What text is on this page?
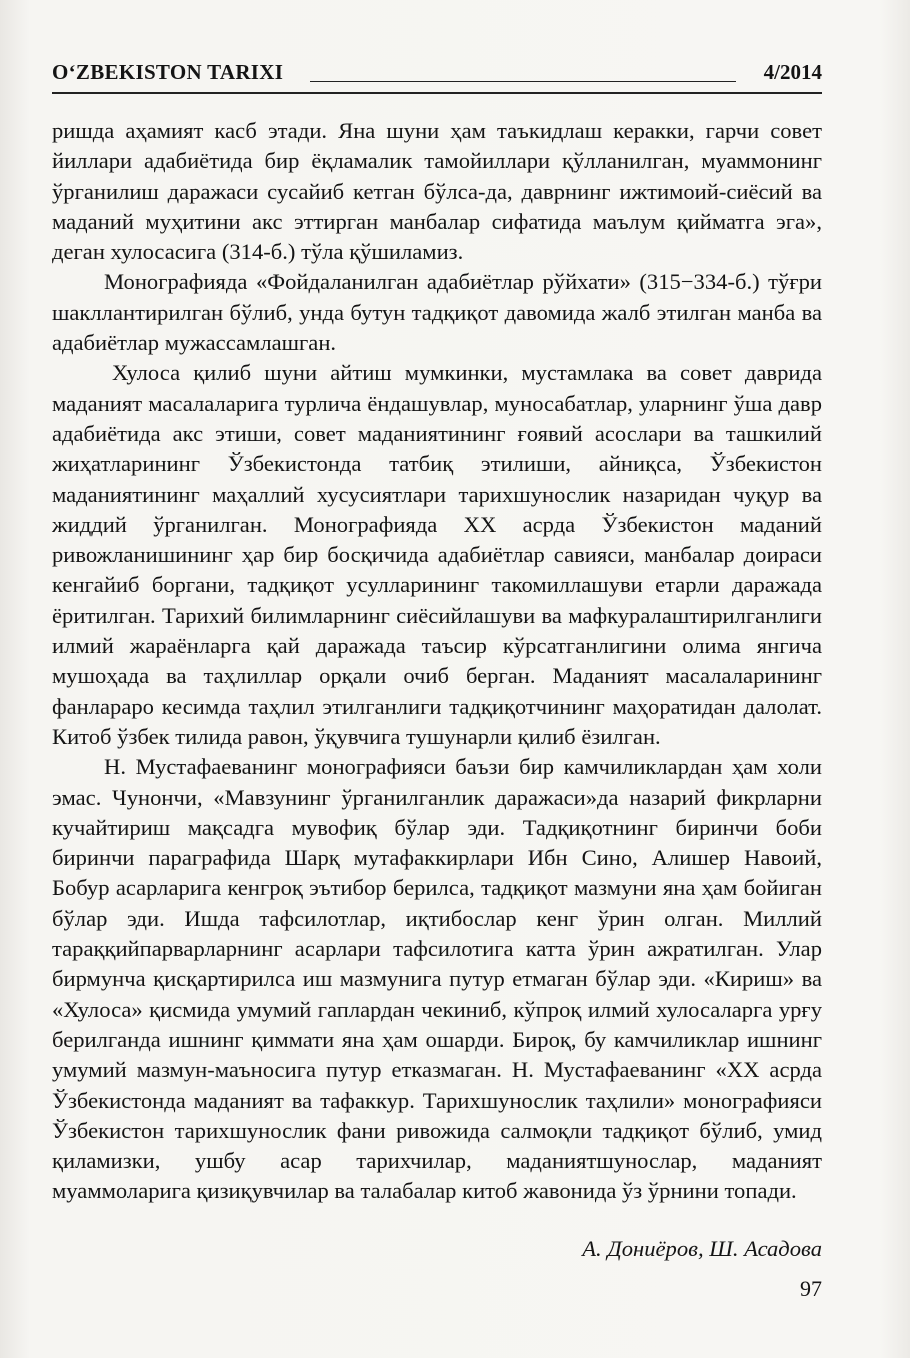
O‘ZBEKISTON TARIXI	4/2014

ришда аҳамият касб этади. Яна шуни ҳам таъкидлаш керакки, гарчи совет йиллари адабиётида бир ёқламалик тамойиллари қўлланилган, муаммонинг ўрганилиш даражаси сусайиб кетган бўлса-да, даврнинг ижтимоий-сиёсий ва маданий муҳитини акс эттирган манбалар сифатида маълум қийматга эга», деган хулосасига (314-б.) тўла қўшиламиз.

Монографияда «Фойдаланилган адабиётлар рўйхати» (315−334-б.) тўғри шакллантирилган бўлиб, унда бутун тадқиқот давомида жалб этилган манба ва адабиётлар мужассамлашган.

Хулоса қилиб шуни айтиш мумкинки, мустамлака ва совет даврида маданият масалаларига турлича ёндашувлар, муносабатлар, уларнинг ўша давр адабиётида акс этиши, совет маданиятининг ғоявий асослари ва ташкилий жиҳатларининг Ўзбекистонда татбиқ этилиши, айниқса, Ўзбекистон маданиятининг маҳаллий хусусиятлари тарихшунослик назаридан чуқур ва жиддий ўрганилган. Монографияда XX асрда Ўзбекистон маданий ривожланишининг ҳар бир босқичида адабиётлар савияси, манбалар доираси кенгайиб боргани, тадқиқот усулларининг такомиллашуви етарли даражада ёритилган. Тарихий билимларнинг сиёсийлашуви ва мафкуралаштирилганлиги илмий жараёнларга қай даражада таъсир кўрсатганлигини олима янгича мушоҳада ва таҳлиллар орқали очиб берган. Маданият масалаларининг фанлараро кесимда таҳлил этилганлиги тадқиқотчининг маҳоратидан далолат. Китоб ўзбек тилида равон, ўқувчига тушунарли қилиб ёзилган.

Н. Мустафаеванинг монографияси баъзи бир камчиликлардан ҳам холи эмас. Чунончи, «Мавзунинг ўрганилганлик даражаси»да назарий фикрларни кучайтириш мақсадга мувофиқ бўлар эди. Тадқиқотнинг биринчи боби биринчи параграфида Шарқ мутафаккирлари Ибн Сино, Алишер Навоий, Бобур асарларига кенгроқ эътибор берилса, тадқиқот мазмуни яна ҳам бойиган бўлар эди. Ишда тафсилотлар, иқтибослар кенг ўрин олган. Миллий тараққийпарварларнинг асарлари тафсилотига катта ўрин ажратилган. Улар бирмунча қисқартирилса иш мазмунига путур етмаган бўлар эди. «Кириш» ва «Хулоса» қисмида умумий гаплардан чекиниб, кўпроқ илмий хулосаларга урғу берилганда ишнинг қиммати яна ҳам ошарди. Бироқ, бу камчиликлар ишнинг умумий мазмун-маъносига путур етказмаган. Н. Мустафаеванинг «XX асрда Ўзбекистонда маданият ва тафаккур. Тарихшунослик таҳлили» монографияси Ўзбекистон тарихшунослик фани ривожида салмоқли тадқиқот бўлиб, умид қиламизки, ушбу асар тарихчилар, маданиятшунослар, маданият муаммоларига қизиқувчилар ва талабалар китоб жавонида ўз ўрнини топади.

А. Дониёров, Ш. Асадова
97
